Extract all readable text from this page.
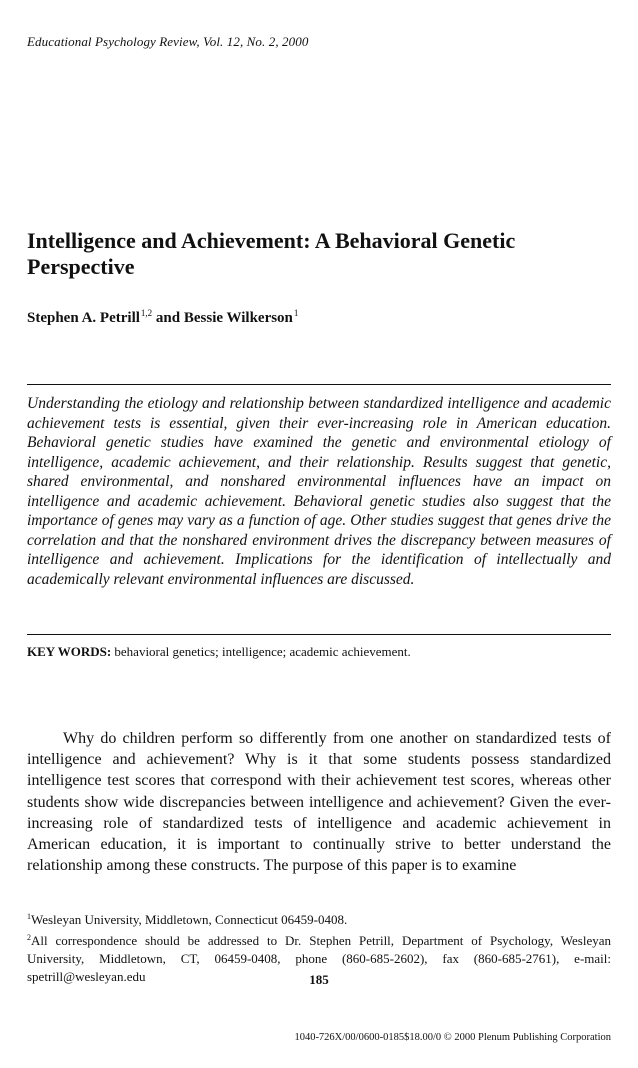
Educational Psychology Review, Vol. 12, No. 2, 2000
Intelligence and Achievement: A Behavioral Genetic Perspective
Stephen A. Petrill$^{1,2}$ and Bessie Wilkerson$^1$

Understanding the etiology and relationship between standardized intelligence and academic achievement tests is essential, given their ever-increasing role in American education. Behavioral genetic studies have examined the genetic and environmental etiology of intelligence, academic achievement, and their relationship. Results suggest that genetic, shared environmental, and nonshared environmental influences have an impact on intelligence and academic achievement. Behavioral genetic studies also suggest that the importance of genes may vary as a function of age. Other studies suggest that genes drive the correlation and that the nonshared environment drives the discrepancy between measures of intelligence and achievement. Implications for the identification of intellectually and academically relevant environmental influences are discussed.

KEY WORDS: behavioral genetics; intelligence; academic achievement.

Why do children perform so differently from one another on standardized tests of intelligence and achievement? Why is it that some students possess standardized intelligence test scores that correspond with their achievement test scores, whereas other students show wide discrepancies between intelligence and achievement? Given the ever-increasing role of standardized tests of intelligence and academic achievement in American education, it is important to continually strive to better understand the relationship among these constructs. The purpose of this paper is to examine

$^1$Wesleyan University, Middletown, Connecticut 06459-0408.

$^2$All correspondence should be addressed to Dr. Stephen Petrill, Department of Psychology, Wesleyan University, Middletown, CT, 06459-0408, phone (860-685-2602), fax (860-685-2761), e-mail: spetrill@wesleyan.edu	185
1040-726X/00/0600-0185$18.00/0 © 2000 Plenum Publishing Corporation
